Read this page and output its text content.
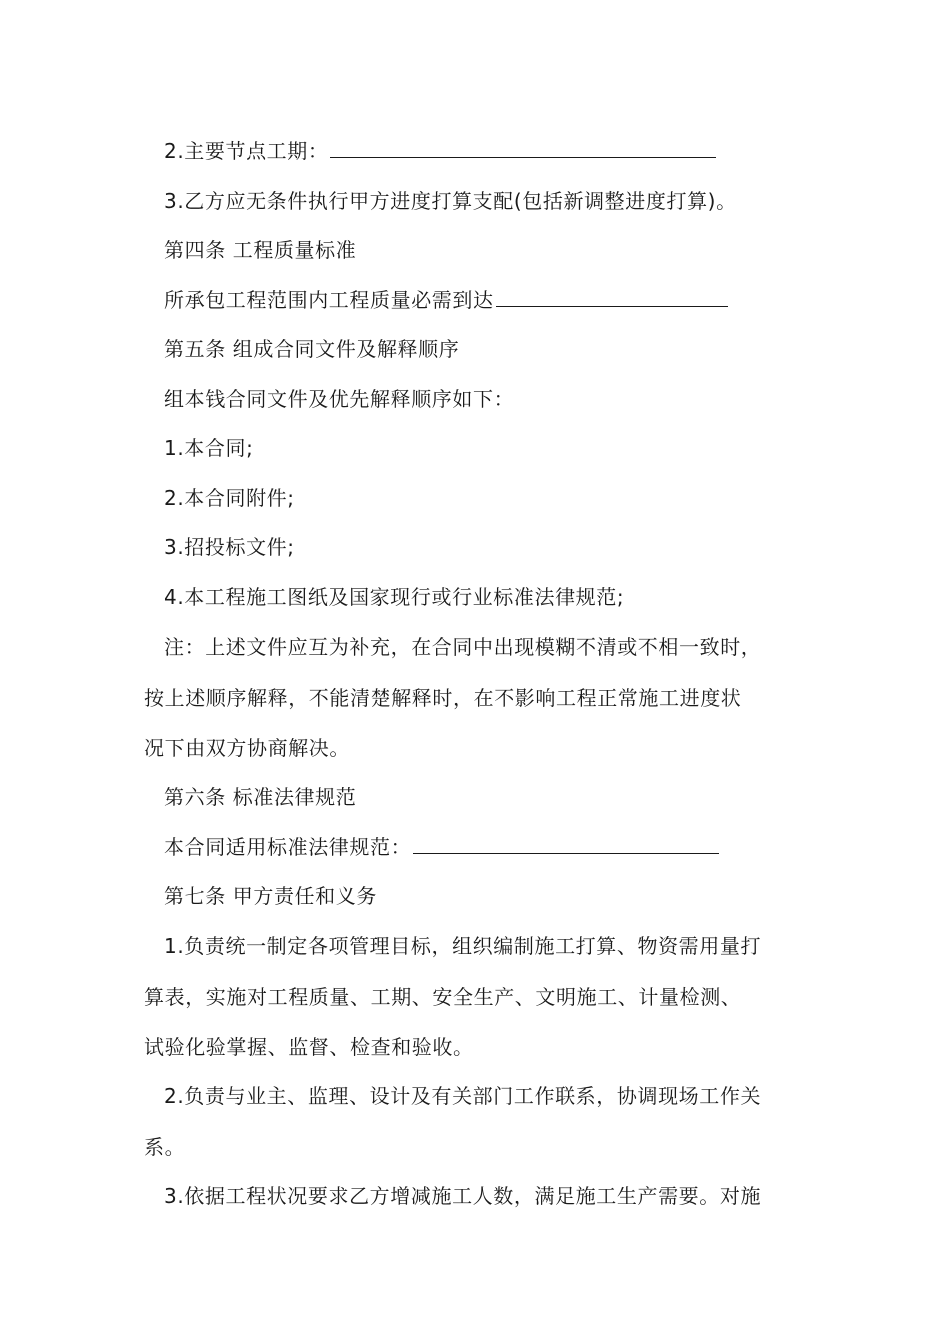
2.主要节点工期：
3.乙方应无条件执行甲方进度打算支配(包括新调整进度打算)。
第四条 工程质量标准
所承包工程范围内工程质量必需到达
第五条 组成合同文件及解释顺序
组本钱合同文件及优先解释顺序如下：
1.本合同;
2.本合同附件;
3.招投标文件;
4.本工程施工图纸及国家现行或行业标准法律规范;
注：上述文件应互为补充，在合同中出现模糊不清或不相一致时，
按上述顺序解释，不能清楚解释时，在不影响工程正常施工进度状
况下由双方协商解决。
第六条 标准法律规范
本合同适用标准法律规范：
第七条 甲方责任和义务
1.负责统一制定各项管理目标，组织编制施工打算、物资需用量打
算表，实施对工程质量、工期、安全生产、文明施工、计量检测、
试验化验掌握、监督、检查和验收。
2.负责与业主、监理、设计及有关部门工作联系，协调现场工作关
系。
3.依据工程状况要求乙方增减施工人数，满足施工生产需要。对施
